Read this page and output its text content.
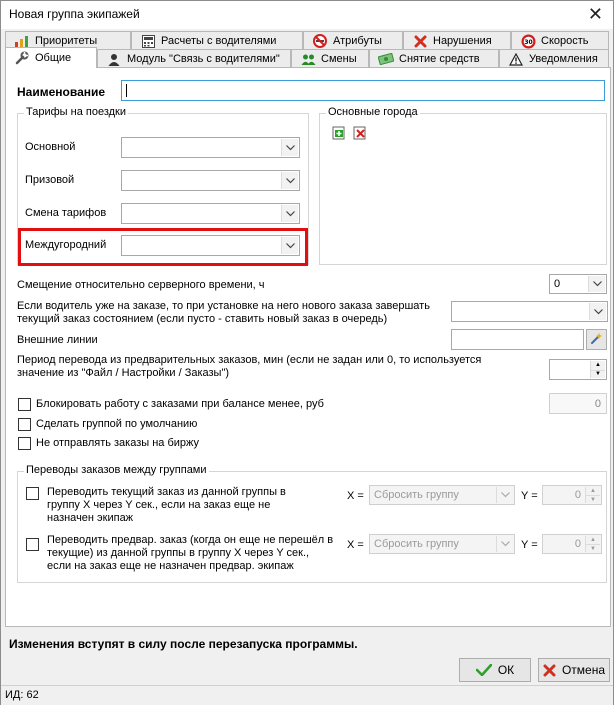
Новая группа экипажей	✕
Приоритеты	Расчеты с водителями	Атрибуты	Нарушения	30 Скорость
Общие	Модуль "Связь с водителями"	Смены	Снятие средств	Уведомления
Наименование
Тарифы на поездки
Основной
Призовой
Смена тарифов
Междугородний
Основные города
Смещение относительно серверного времени, ч	0
Если водитель уже на заказе, то при установке на него нового заказа завершать
текущий заказ состоянием (если пусто - ставить новый заказ в очередь)
Внешние линии
Период перевода из предварительных заказов, мин (если не задан или 0, то используется
значение из "Файл / Настройки / Заказы")
▲
▼
Блокировать работу с заказами при балансе менее, руб	0
Сделать группой по умолчанию
Не отправлять заказы на биржу
Переводы заказов между группами
Переводить текущий заказ из данной группы в
группу X через Y сек., если на заказ еще не
назначен экипаж
X = Сбросить группу	Y =	0	▲
▼
Переводить предвар. заказ (когда он еще не перешёл в
текущие) из данной группы в группу X через Y сек.,
если на заказ еще не назначен предвар. экипаж
X = Сбросить группу	Y =	0	▲
▼
Изменения вступят в силу после перезапуска программы.
ОК	Отмена
ИД: 62
